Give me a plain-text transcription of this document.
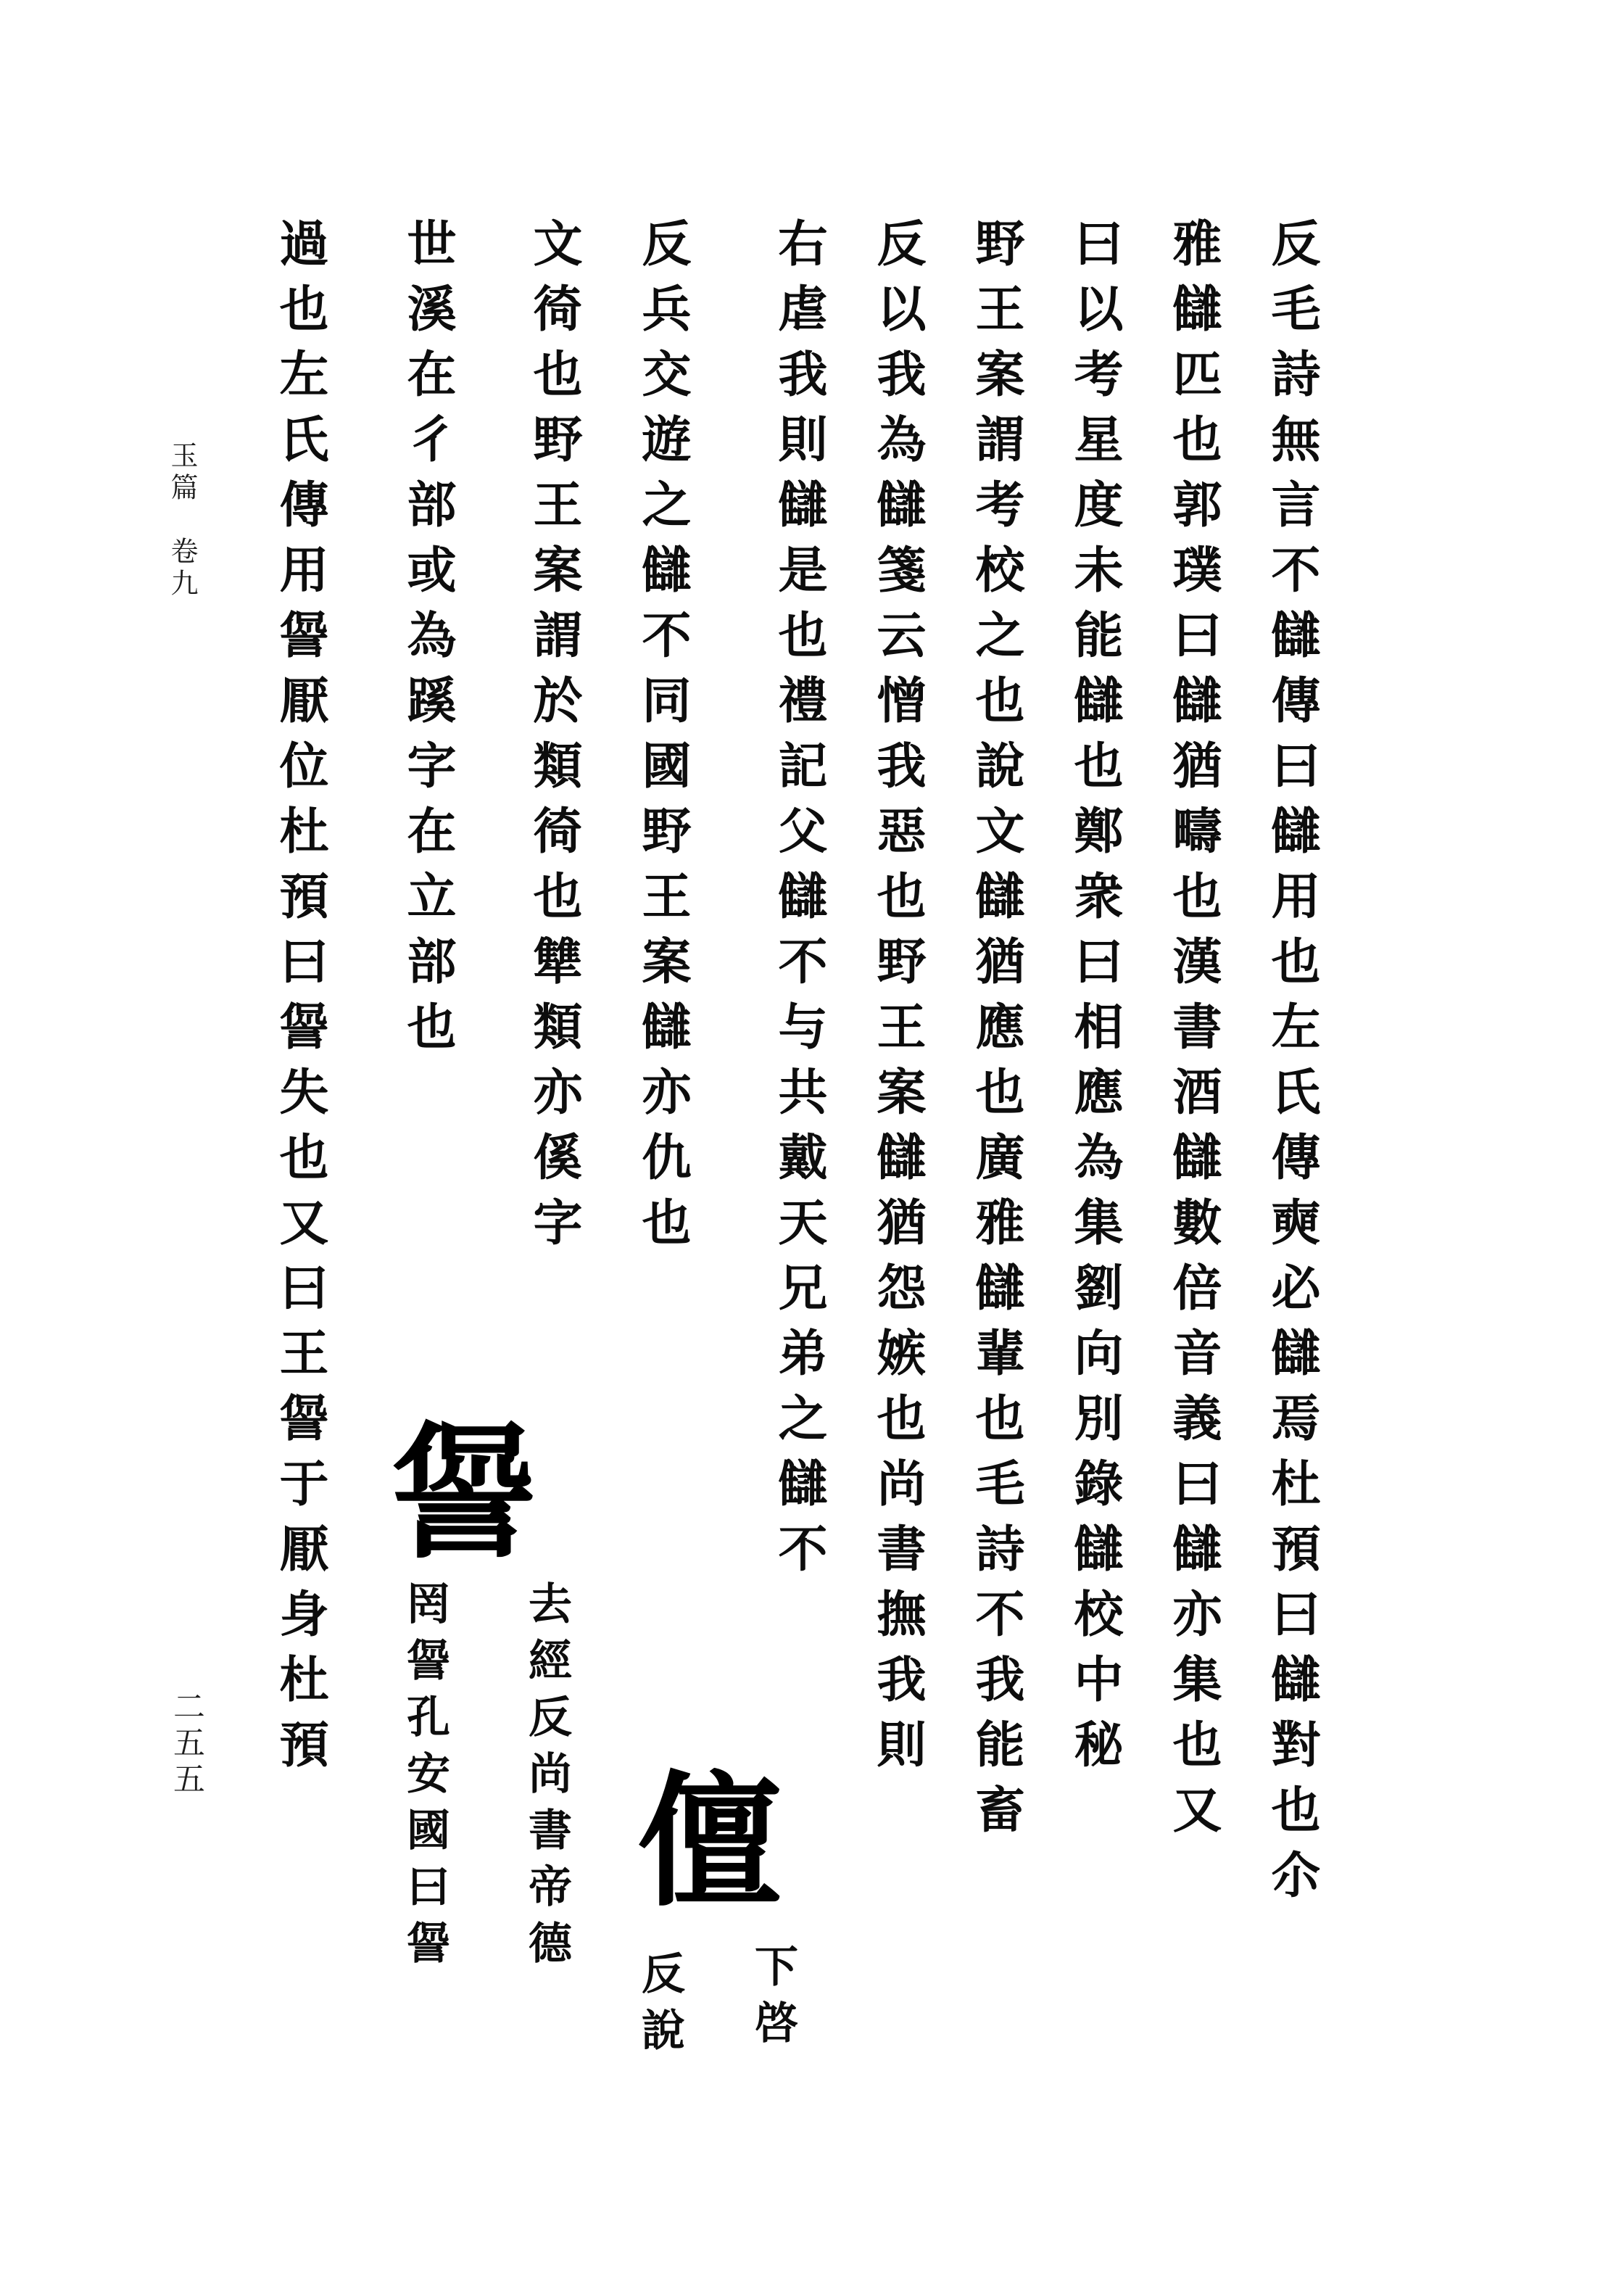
玉篇　卷九
二五五	反毛詩無言不讎傳曰讎用也左氏傳奭必讎焉杜預曰讎對也尒
雅讎匹也郭璞曰讎猶疇也漢書酒讎數倍音義曰讎亦集也又
曰以考星度未能讎也鄭衆曰相應為集劉向別錄讎校中秘
野王案謂考校之也說文讎猶應也廣雅讎輩也毛詩不我能畜
反以我為讎箋云憎我惡也野王案讎猶怨嫉也尚書撫我則
右虐我則讎是也禮記父讎不与共戴天兄弟之讎不
反兵交遊之讎不同國野王案讎亦仇也
文徛也野王案謂於類徛也犨類亦傒字
世溪在彳部或為蹊字在立部也
過也左氏傳用諐厭位杜預曰諐失也又曰王諐于厭身杜預
儃
下啓
反說
諐
去經反尚書帝德
罔諐孔安國曰諐
